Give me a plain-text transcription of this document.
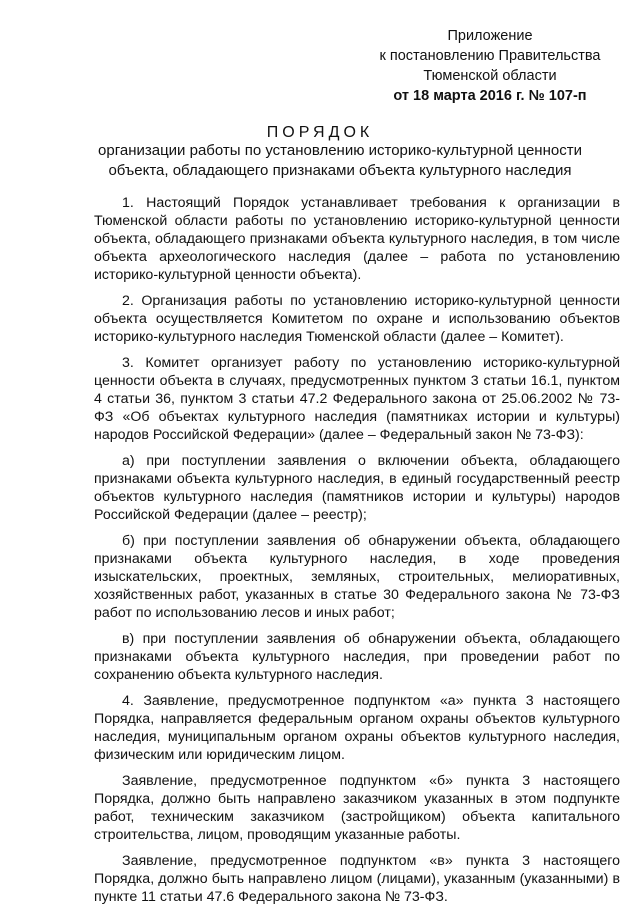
Приложение
к постановлению Правительства
Тюменской области
от 18 марта 2016 г. № 107-п
ПОРЯДОК
организации работы по установлению историко-культурной ценности объекта, обладающего признаками объекта культурного наследия

1. Настоящий Порядок устанавливает требования к организации в Тюменской области работы по установлению историко-культурной ценности объекта, обладающего признаками объекта культурного наследия, в том числе объекта археологического наследия (далее – работа по установлению историко-культурной ценности объекта).

2. Организация работы по установлению историко-культурной ценности объекта осуществляется Комитетом по охране и использованию объектов историко-культурного наследия Тюменской области (далее – Комитет).

3. Комитет организует работу по установлению историко-культурной ценности объекта в случаях, предусмотренных пунктом 3 статьи 16.1, пунктом 4 статьи 36, пунктом 3 статьи 47.2 Федерального закона от 25.06.2002 № 73-ФЗ «Об объектах культурного наследия (памятниках истории и культуры) народов Российской Федерации» (далее – Федеральный закон № 73-ФЗ):

а) при поступлении заявления о включении объекта, обладающего признаками объекта культурного наследия, в единый государственный реестр объектов культурного наследия (памятников истории и культуры) народов Российской Федерации (далее – реестр);

б) при поступлении заявления об обнаружении объекта, обладающего признаками объекта культурного наследия, в ходе проведения изыскательских, проектных, земляных, строительных, мелиоративных, хозяйственных работ, указанных в статье 30 Федерального закона № 73-ФЗ работ по использованию лесов и иных работ;

в) при поступлении заявления об обнаружении объекта, обладающего признаками объекта культурного наследия, при проведении работ по сохранению объекта культурного наследия.

4. Заявление, предусмотренное подпунктом «а» пункта 3 настоящего Порядка, направляется федеральным органом охраны объектов культурного наследия, муниципальным органом охраны объектов культурного наследия, физическим или юридическим лицом.

Заявление, предусмотренное подпунктом «б» пункта 3 настоящего Порядка, должно быть направлено заказчиком указанных в этом подпункте работ, техническим заказчиком (застройщиком) объекта капитального строительства, лицом, проводящим указанные работы.

Заявление, предусмотренное подпунктом «в» пункта 3 настоящего Порядка, должно быть направлено лицом (лицами), указанным (указанными) в пункте 11 статьи 47.6 Федерального закона № 73-ФЗ.
